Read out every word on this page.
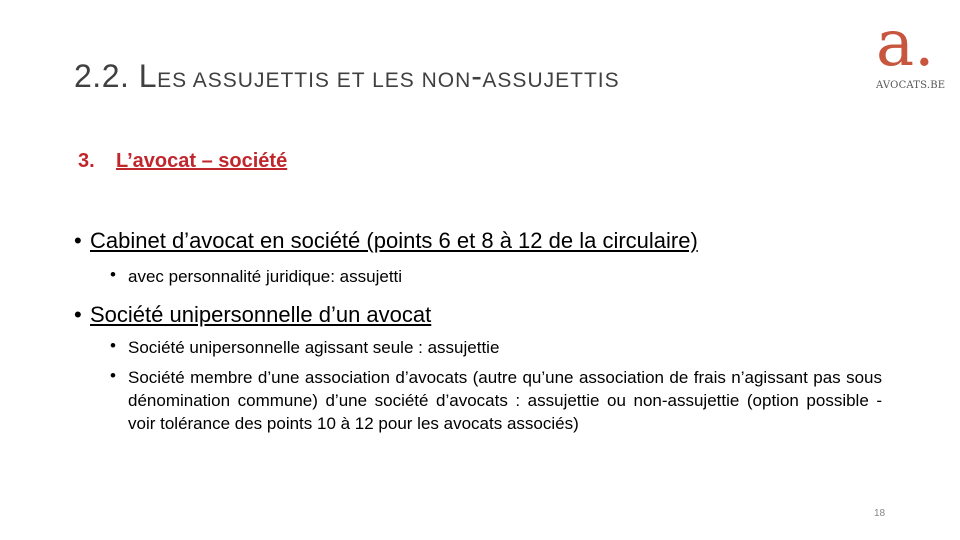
2.2. LES ASSUJETTIS ET LES NON-ASSUJETTIS	a.
AVOCATS.BE
3. L’avocat – société
• Cabinet d’avocat en société (points 6 et 8 à 12 de la circulaire)
• avec personnalité juridique: assujetti
• Société unipersonnelle d’un avocat
• Société unipersonnelle agissant seule : assujettie
• Société membre d’une association d’avocats (autre qu’une association de frais n’agissant pas sous dénomination commune) d’une société d’avocats : assujettie ou non-assujettie (option possible - voir tolérance des points 10 à 12 pour les avocats associés)
18
